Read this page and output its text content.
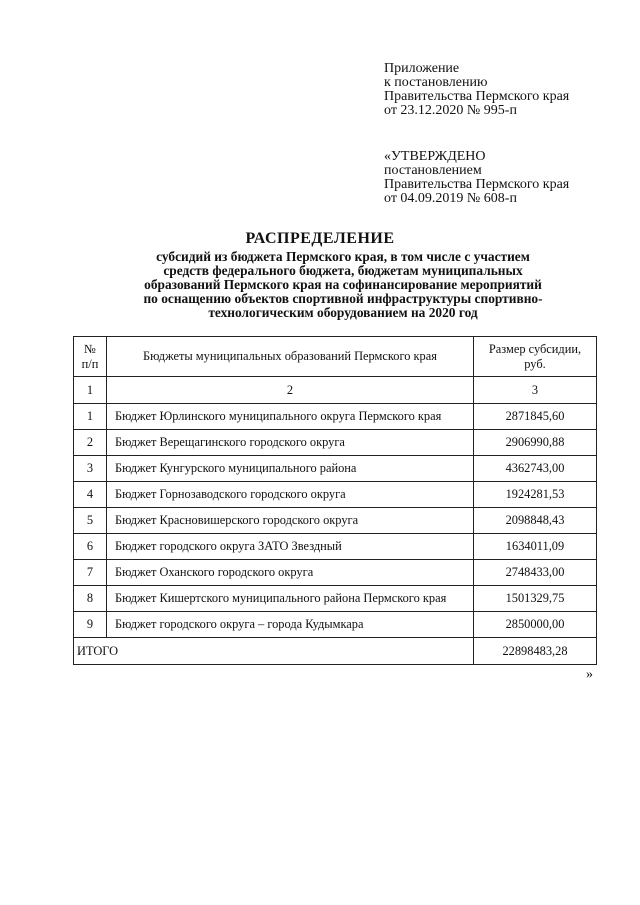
Приложение
к постановлению
Правительства Пермского края
от 23.12.2020 № 995-п
«УТВЕРЖДЕНО
постановлением
Правительства Пермского края
от 04.09.2019 № 608-п
РАСПРЕДЕЛЕНИЕ
субсидий из бюджета Пермского края, в том числе с участием
средств федерального бюджета, бюджетам муниципальных
образований Пермского края на софинансирование мероприятий
по оснащению объектов спортивной инфраструктуры спортивно-
технологическим оборудованием на 2020 год
№ п/п	Бюджеты муниципальных образований Пермского края	Размер субсидии, руб.
1	2	3
1	Бюджет Юрлинского муниципального округа Пермского края	2871845,60
2	Бюджет Верещагинского городского округа	2906990,88
3	Бюджет Кунгурского муниципального района	4362743,00
4	Бюджет Горнозаводского городского округа	1924281,53
5	Бюджет Красновишерского городского округа	2098848,43
6	Бюджет городского округа ЗАТО Звездный	1634011,09
7	Бюджет Оханского городского округа	2748433,00
8	Бюджет Кишертского муниципального района Пермского края	1501329,75
9	Бюджет городского округа – города Кудымкара	2850000,00
ИТОГО		22898483,28
»
